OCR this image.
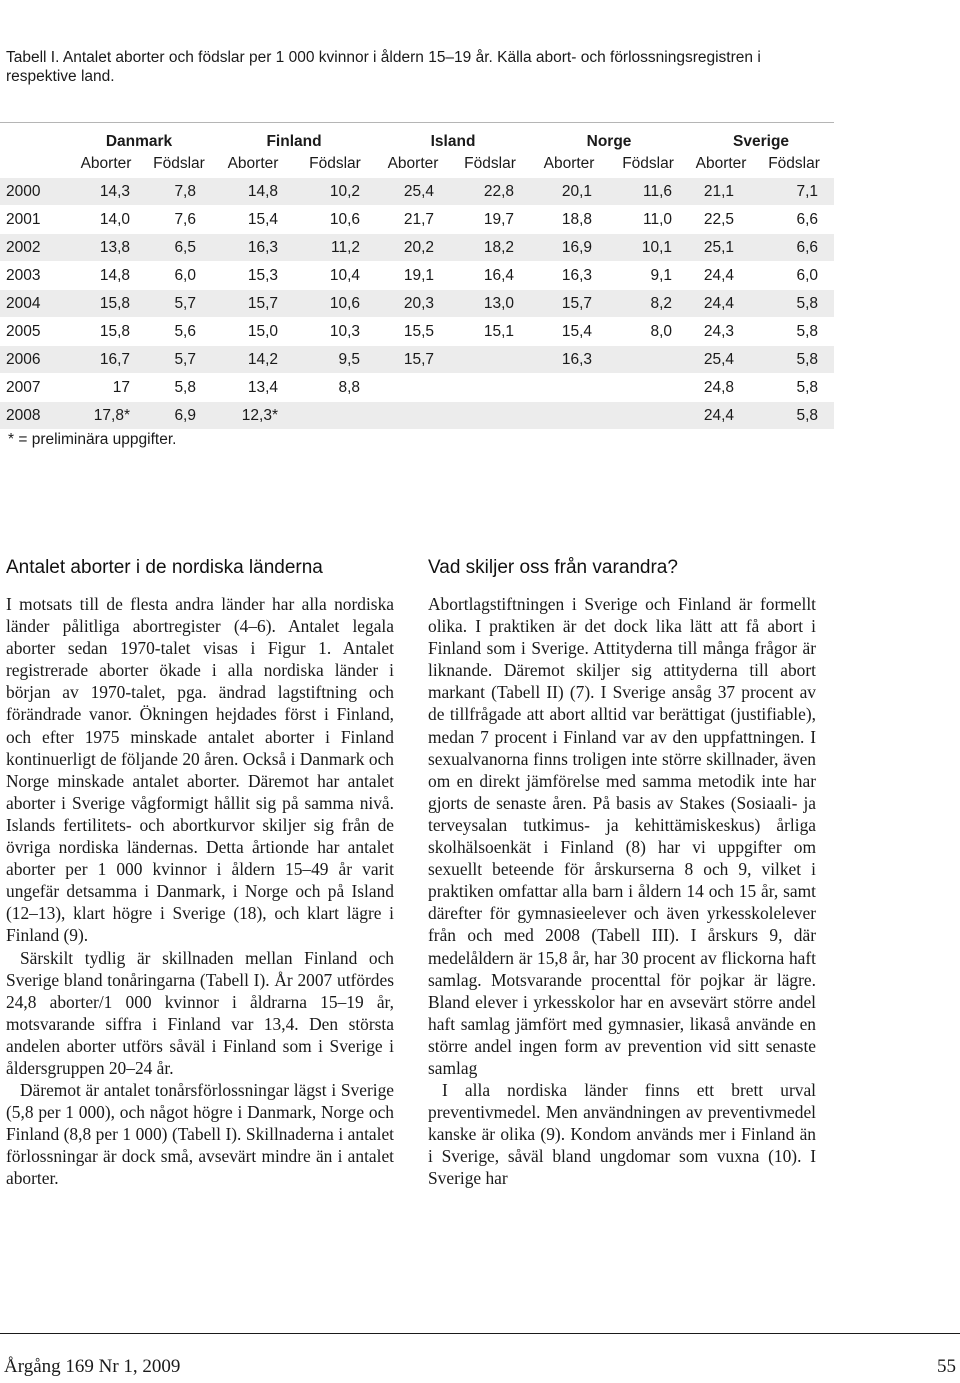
Tabell I. Antalet aborter och födslar per 1 000 kvinnor i åldern 15–19 år. Källa abort- och förlossningsregistren i respektive land.
	Danmark		Finland		Island		Norge		Sverige	
	Aborter	Födslar	Aborter	Födslar	Aborter	Födslar	Aborter	Födslar	Aborter	Födslar
2000	14,3	7,8	14,8	10,2	25,4	22,8	20,1	11,6	21,1	7,1
2001	14,0	7,6	15,4	10,6	21,7	19,7	18,8	11,0	22,5	6,6
2002	13,8	6,5	16,3	11,2	20,2	18,2	16,9	10,1	25,1	6,6
2003	14,8	6,0	15,3	10,4	19,1	16,4	16,3	9,1	24,4	6,0
2004	15,8	5,7	15,7	10,6	20,3	13,0	15,7	8,2	24,4	5,8
2005	15,8	5,6	15,0	10,3	15,5	15,1	15,4	8,0	24,3	5,8
2006	16,7	5,7	14,2	9,5	15,7		16,3		25,4	5,8
2007	17	5,8	13,4	8,8					24,8	5,8
2008	17,8*	6,9	12,3*						24,4	5,8
* = preliminära uppgifter.
Antalet aborter i de nordiska länderna

I motsats till de flesta andra länder har alla nordiska länder pålitliga abortregister (4–6). Antalet legala aborter sedan 1970-talet visas i Figur 1. Antalet registrerade aborter ökade i alla nordiska länder i början av 1970-talet, pga. ändrad lagstiftning och förändrade vanor. Ökningen hejdades först i Finland, och efter 1975 minskade antalet aborter i Finland kontinuerligt de följande 20 åren. Också i Danmark och Norge minskade antalet aborter. Däremot har antalet aborter i Sverige vågformigt hållit sig på samma nivå. Islands fertilitets- och abortkurvor skiljer sig från de övriga nordiska ländernas. Detta årtionde har antalet aborter per 1 000 kvinnor i åldern 15–49 år varit ungefär detsamma i Danmark, i Norge och på Island (12–13), klart högre i Sverige (18), och klart lägre i Finland (9).

Särskilt tydlig är skillnaden mellan Finland och Sverige bland tonåringarna (Tabell I). År 2007 utfördes 24,8 aborter/1 000 kvinnor i åldrarna 15–19 år, motsvarande siffra i Finland var 13,4. Den största andelen aborter utförs såväl i Finland som i Sverige i åldersgruppen 20–24 år.

Däremot är antalet tonårsförlossningar lägst i Sverige (5,8 per 1 000), och något högre i Danmark, Norge och Finland (8,8 per 1 000) (Tabell I). Skillnaderna i antalet förlossningar är dock små, avsevärt mindre än i antalet aborter.

Vad skiljer oss från varandra?

Abortlagstiftningen i Sverige och Finland är formellt olika. I praktiken är det dock lika lätt att få abort i Finland som i Sverige. Attityderna till många frågor är liknande. Däremot skiljer sig attityderna till abort markant (Tabell II) (7). I Sverige ansåg 37 procent av de tillfrågade att abort alltid var berättigat (justifiable), medan 7 procent i Finland var av den uppfattningen. I sexualvanorna finns troligen inte större skillnader, även om en direkt jämförelse med samma metodik inte har gjorts de senaste åren. På basis av Stakes (Sosiaali- ja terveysalan tutkimus- ja kehittämiskeskus) årliga skolhälsoenkät i Finland (8) har vi uppgifter om sexuellt beteende för årskurserna 8 och 9, vilket i praktiken omfattar alla barn i åldern 14 och 15 år, samt därefter för gymnasieelever och även yrkesskolelever från och med 2008 (Tabell III). I årskurs 9, där medelåldern är 15,8 år, har 30 procent av flickorna haft samlag. Motsvarande procenttal för pojkar är lägre. Bland elever i yrkesskolor har en avsevärt större andel haft samlag jämfört med gymnasier, likaså använde en större andel ingen form av prevention vid sitt senaste samlag

I alla nordiska länder finns ett brett urval preventivmedel. Men användningen av preventivmedel kanske är olika (9). Kondom används mer i Finland än i Sverige, såväl bland ungdomar som vuxna (10). I Sverige har

Årgång 169 Nr 1, 2009	55
